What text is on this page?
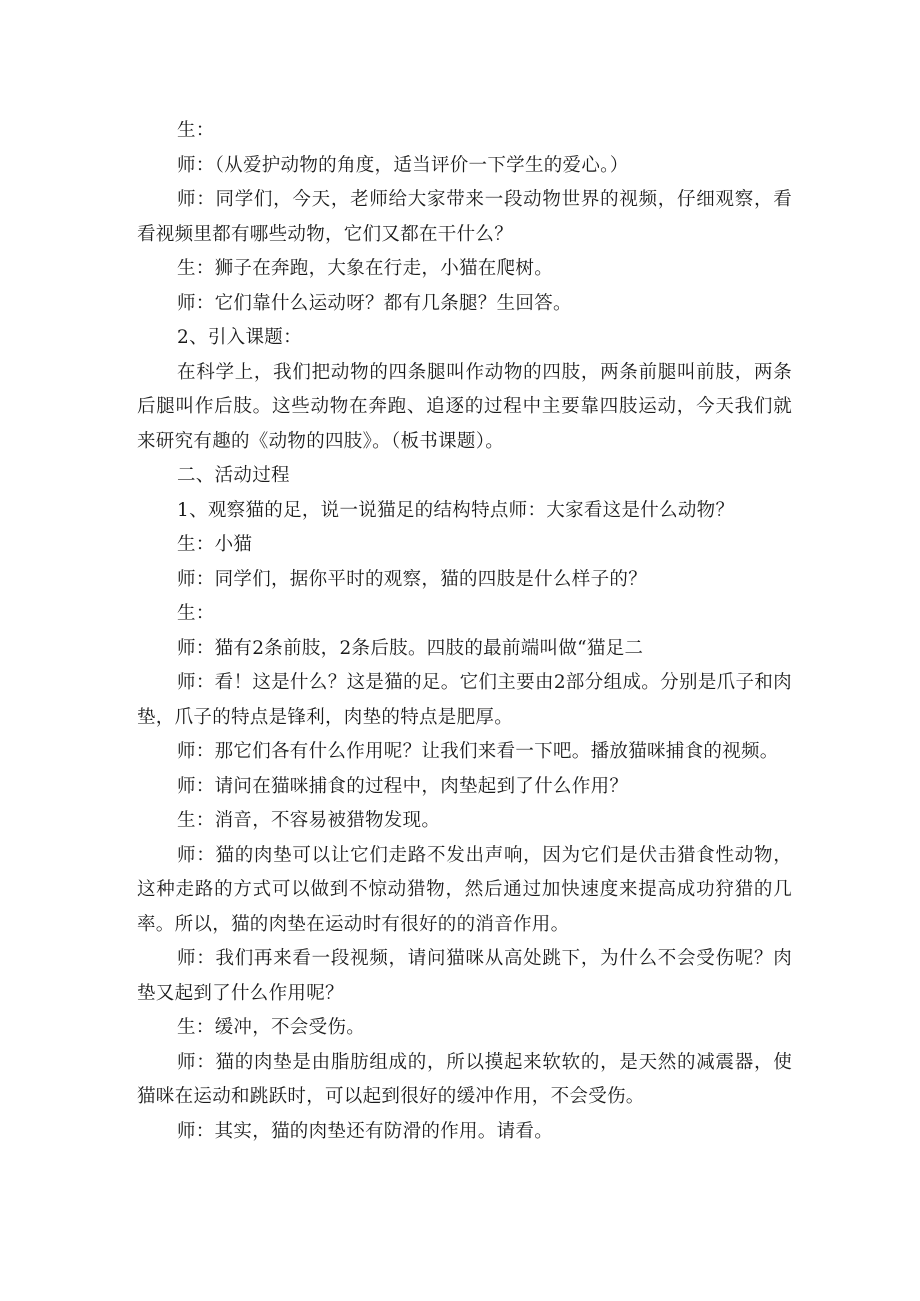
生：

师：（从爱护动物的角度，适当评价一下学生的爱心。）

师：同学们，今天，老师给大家带来一段动物世界的视频，仔细观察，看看视频里都有哪些动物，它们又都在干什么？

生：狮子在奔跑，大象在行走，小猫在爬树。

师：它们靠什么运动呀？都有几条腿？生回答。

2、引入课题：

在科学上，我们把动物的四条腿叫作动物的四肢，两条前腿叫前肢，两条后腿叫作后肢。这些动物在奔跑、追逐的过程中主要靠四肢运动，今天我们就来研究有趣的《动物的四肢》。（板书课题）。

二、活动过程

1、观察猫的足，说一说猫足的结构特点师：大家看这是什么动物？

生：小猫

师：同学们，据你平时的观察，猫的四肢是什么样子的？

生：

师：猫有2条前肢，2条后肢。四肢的最前端叫做“猫足二

师：看！这是什么？这是猫的足。它们主要由2部分组成。分别是爪子和肉垫，爪子的特点是锋利，肉垫的特点是肥厚。

师：那它们各有什么作用呢？让我们来看一下吧。播放猫咪捕食的视频。

师：请问在猫咪捕食的过程中，肉垫起到了什么作用？

生：消音，不容易被猎物发现。

师：猫的肉垫可以让它们走路不发出声响，因为它们是伏击猎食性动物，这种走路的方式可以做到不惊动猎物，然后通过加快速度来提高成功狩猎的几率。所以，猫的肉垫在运动时有很好的的消音作用。

师：我们再来看一段视频，请问猫咪从高处跳下，为什么不会受伤呢？肉垫又起到了什么作用呢？

生：缓冲，不会受伤。

师：猫的肉垫是由脂肪组成的，所以摸起来软软的，是天然的减震器，使猫咪在运动和跳跃时，可以起到很好的缓冲作用，不会受伤。

师：其实，猫的肉垫还有防滑的作用。请看。
